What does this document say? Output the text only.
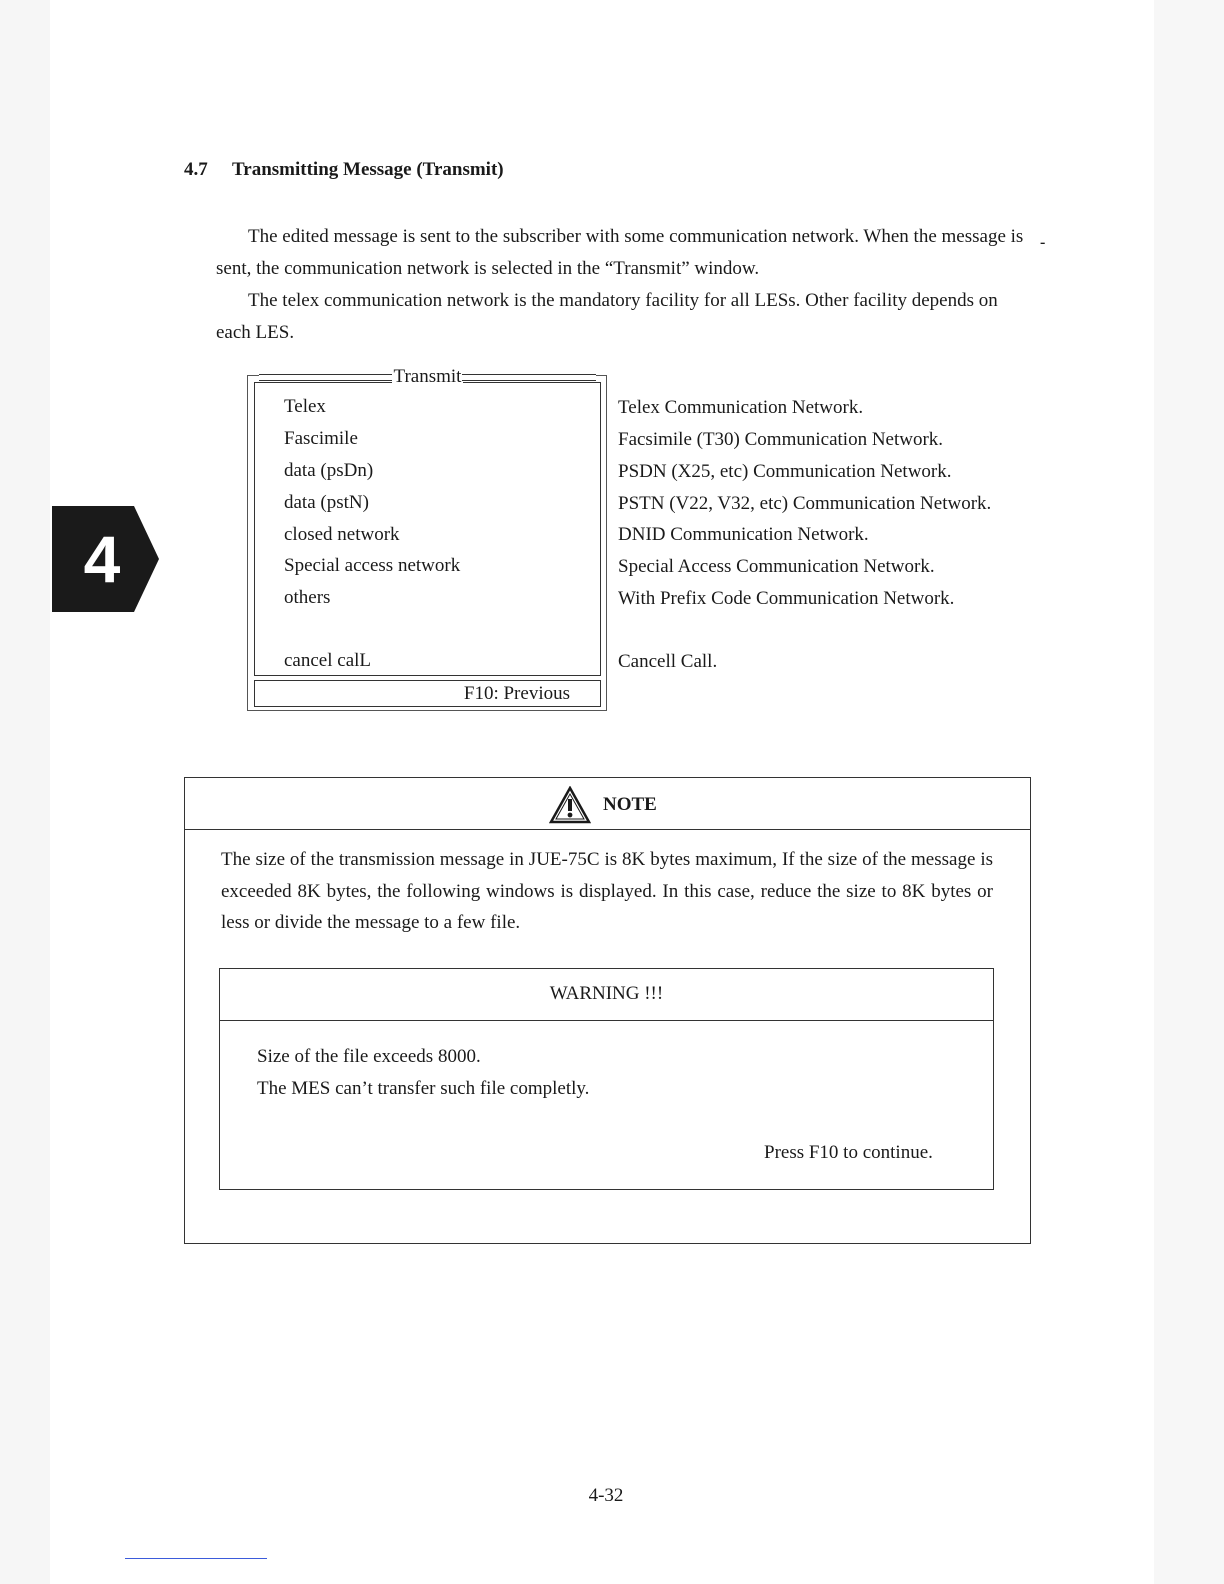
4.7 Transmitting Message (Transmit)
The edited message is sent to the subscriber with some communication network. When the message is sent, the communication network is selected in the “Transmit” window.
The telex communication network is the mandatory facility for all LESs. Other facility depends on each LES.
-
4
Transmit
Telex
Fascimile
data (psDn)
data (pstN)
closed network
Special access network
others
cancel calL
F10: Previous
Telex Communication Network.
Facsimile (T30) Communication Network.
PSDN (X25, etc) Communication Network.
PSTN (V22, V32, etc) Communication Network.
DNID Communication Network.
Special Access Communication Network.
With Prefix Code Communication Network.
Cancell Call.
NOTE
The size of the transmission message in JUE-75C is 8K bytes maximum, If the size of the message is exceeded 8K bytes, the following windows is displayed. In this case, reduce the size to 8K bytes or less or divide the message to a few file.
WARNING !!!
Size of the file exceeds 8000.
The MES can’t transfer such file completly.
Press F10 to continue.
4-32
